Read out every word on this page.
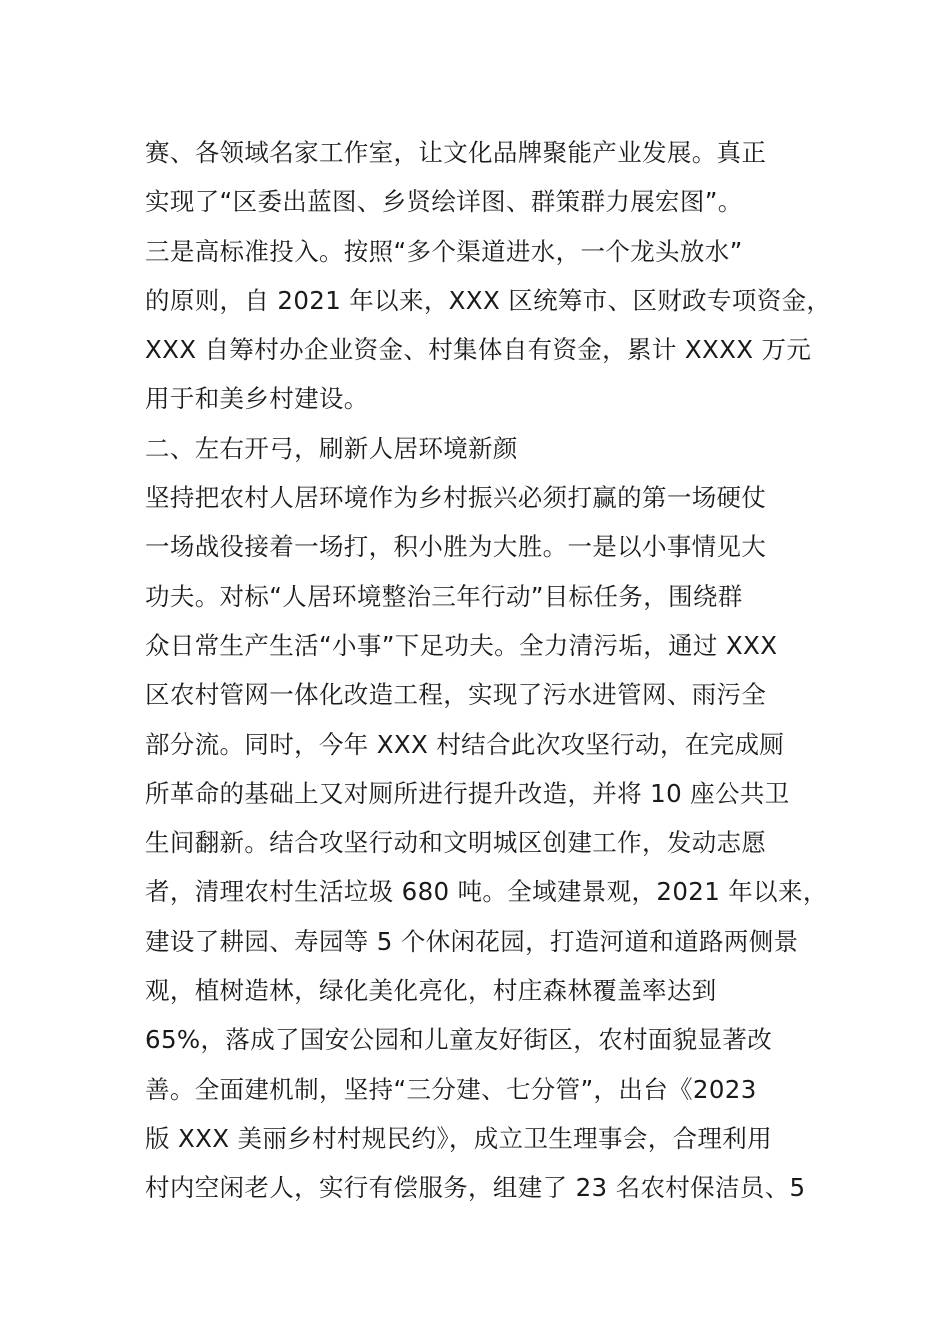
赛、各领域名家工作室，让文化品牌聚能产业发展。真正
实现了“区委出蓝图、乡贤绘详图、群策群力展宏图”。
三是高标准投入。按照“多个渠道进水，一个龙头放水”
的原则，自 2021 年以来，XXX 区统筹市、区财政专项资金，
XXX 自筹村办企业资金、村集体自有资金，累计 XXXX 万元
用于和美乡村建设。
二、左右开弓，刷新人居环境新颜
坚持把农村人居环境作为乡村振兴必须打赢的第一场硬仗
一场战役接着一场打，积小胜为大胜。一是以小事情见大
功夫。对标“人居环境整治三年行动”目标任务，围绕群
众日常生产生活“小事”下足功夫。全力清污垢，通过 XXX
区农村管网一体化改造工程，实现了污水进管网、雨污全
部分流。同时，今年 XXX 村结合此次攻坚行动，在完成厕
所革命的基础上又对厕所进行提升改造，并将 10 座公共卫
生间翻新。结合攻坚行动和文明城区创建工作，发动志愿
者，清理农村生活垃圾 680 吨。全域建景观，2021 年以来，
建设了耕园、寿园等 5 个休闲花园，打造河道和道路两侧景
观，植树造林，绿化美化亮化，村庄森林覆盖率达到
65%，落成了国安公园和儿童友好街区，农村面貌显著改
善。全面建机制，坚持“三分建、七分管”，出台《2023
版 XXX 美丽乡村村规民约》，成立卫生理事会，合理利用
村内空闲老人，实行有偿服务，组建了 23 名农村保洁员、5
